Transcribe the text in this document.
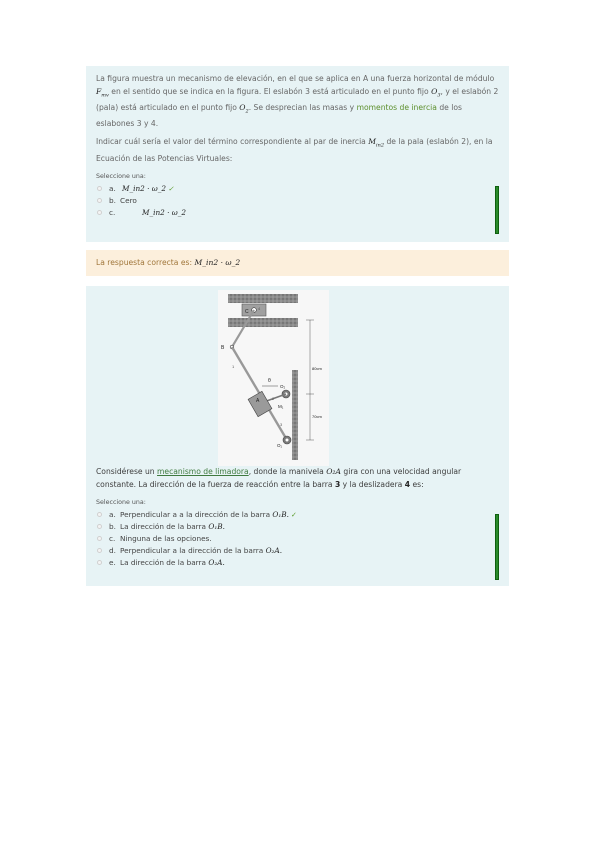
La figura muestra un mecanismo de elevación, en el que se aplica en A una fuerza horizontal de módulo $F_{mv}$ en el sentido que se indica en la figura. El eslabón 3 está articulado en el punto fijo $O_3$, y el eslabón 2 (pala) está articulado en el punto fijo $O_2$. Se desprecian las masas y momentos de inercia de los eslabones 3 y 4.

Indicar cuál sería el valor del término correspondiente al par de inercia $M_{in2}$ de la pala (eslabón 2), en la Ecuación de las Potencias Virtuales:

Seleccione una:

a. M_in2 · ω_2 ✓
b. Cero
c.	M_in2 · ω_2
La respuesta correcta es: M_in2 · ω_2

Considérese un mecanismo de limadora, donde la manivela O₂A gira con una velocidad angular constante. La dirección de la fuerza de reacción entre la barra 3 y la deslizadera 4 es:

Seleccione una:

a. Perpendicular a a la dirección de la barra O₁B. ✓
b. La dirección de la barra O₁B.
c. Ninguna de las opciones.
d. Perpendicular a la dirección de la barra O₂A.
e. La dirección de la barra O₂A.
C
B
O₂
A
O₁
θ
M₁
80cm
70cm
1
2
3
4
